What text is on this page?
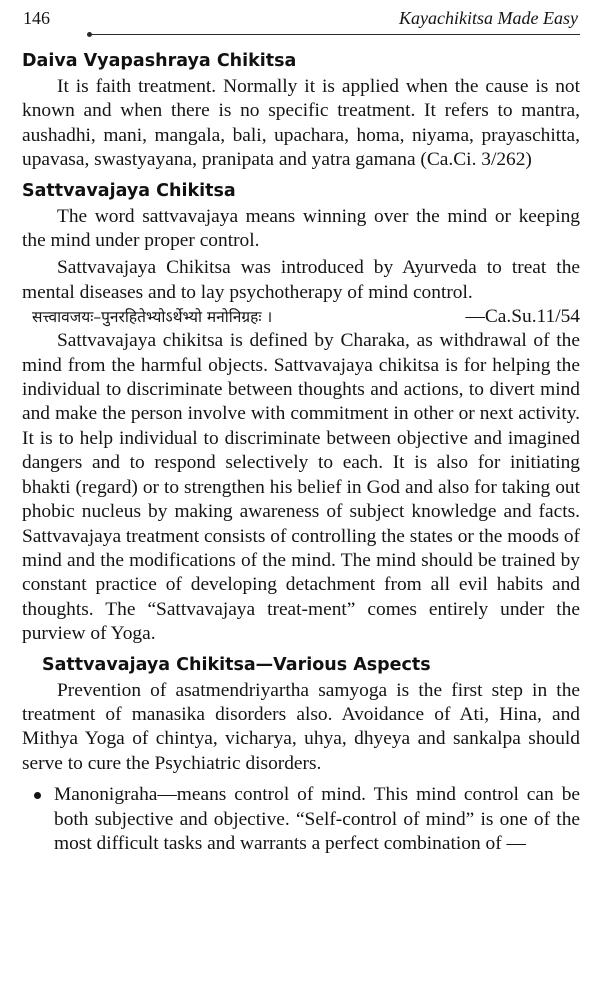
146	Kayachikitsa Made Easy
Daiva Vyapashraya Chikitsa

It is faith treatment. Normally it is applied when the cause is not known and when there is no specific treatment. It refers to mantra, aushadhi, mani, mangala, bali, upachara, homa, niyama, prayaschitta, upavasa, swastyayana, pranipata and yatra gamana (Ca.Ci. 3/262)

Sattvavajaya Chikitsa

The word sattvavajaya means winning over the mind or keeping the mind under proper control.

Sattvavajaya Chikitsa was introduced by Ayurveda to treat the mental diseases and to lay psychotherapy of mind control.

सत्त्वावजयः–पुनरहितेभ्योऽर्थेभ्यो मनोनिग्रहः ।	—Ca.Su.11/54

Sattvavajaya chikitsa is defined by Charaka, as withdrawal of the mind from the harmful objects. Sattvavajaya chikitsa is for helping the individual to discriminate between thoughts and actions, to divert mind and make the person involve with commitment in other or next activity. It is to help individual to discriminate between objective and imagined dangers and to respond selectively to each. It is also for initiating bhakti (regard) or to strengthen his belief in God and also for taking out phobic nucleus by making awareness of subject knowledge and facts. Sattvavajaya treatment consists of controlling the states or the moods of mind and the modifications of the mind. The mind should be trained by constant practice of developing detachment from all evil habits and thoughts. The “Sattvavajaya treat-ment” comes entirely under the purview of Yoga.

Sattvavajaya Chikitsa—Various Aspects

Prevention of asatmendriyartha samyoga is the first step in the treatment of manasika disorders also. Avoidance of Ati, Hina, and Mithya Yoga of chintya, vicharya, uhya, dhyeya and sankalpa should serve to cure the Psychiatric disorders.

Manonigraha—means control of mind. This mind control can be both subjective and objective. “Self-control of mind” is one of the most difficult tasks and warrants a perfect combination of —
